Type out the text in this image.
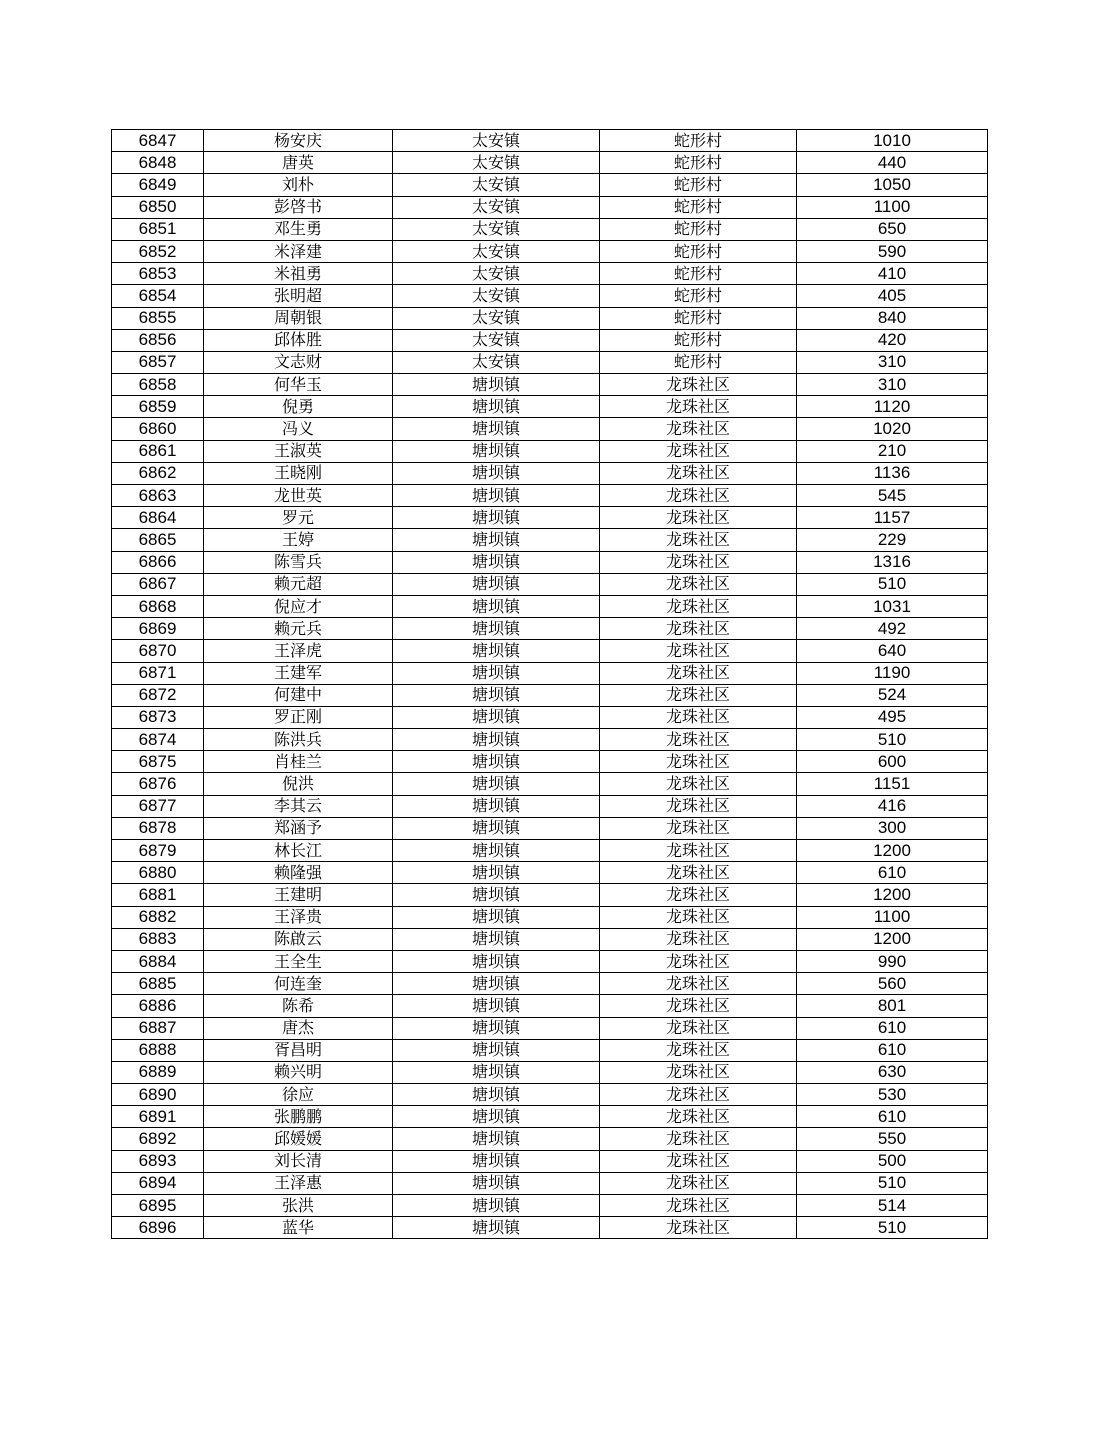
6847	杨安庆	太安镇	蛇形村	1010
6848	唐英	太安镇	蛇形村	440
6849	刘朴	太安镇	蛇形村	1050
6850	彭啓书	太安镇	蛇形村	1100
6851	邓生勇	太安镇	蛇形村	650
6852	米泽建	太安镇	蛇形村	590
6853	米祖勇	太安镇	蛇形村	410
6854	张明超	太安镇	蛇形村	405
6855	周朝银	太安镇	蛇形村	840
6856	邱体胜	太安镇	蛇形村	420
6857	文志财	太安镇	蛇形村	310
6858	何华玉	塘坝镇	龙珠社区	310
6859	倪勇	塘坝镇	龙珠社区	1120
6860	冯义	塘坝镇	龙珠社区	1020
6861	王淑英	塘坝镇	龙珠社区	210
6862	王晓刚	塘坝镇	龙珠社区	1136
6863	龙世英	塘坝镇	龙珠社区	545
6864	罗元	塘坝镇	龙珠社区	1157
6865	王婷	塘坝镇	龙珠社区	229
6866	陈雪兵	塘坝镇	龙珠社区	1316
6867	赖元超	塘坝镇	龙珠社区	510
6868	倪应才	塘坝镇	龙珠社区	1031
6869	赖元兵	塘坝镇	龙珠社区	492
6870	王泽虎	塘坝镇	龙珠社区	640
6871	王建军	塘坝镇	龙珠社区	1190
6872	何建中	塘坝镇	龙珠社区	524
6873	罗正刚	塘坝镇	龙珠社区	495
6874	陈洪兵	塘坝镇	龙珠社区	510
6875	肖桂兰	塘坝镇	龙珠社区	600
6876	倪洪	塘坝镇	龙珠社区	1151
6877	李其云	塘坝镇	龙珠社区	416
6878	郑涵予	塘坝镇	龙珠社区	300
6879	林长江	塘坝镇	龙珠社区	1200
6880	赖隆强	塘坝镇	龙珠社区	610
6881	王建明	塘坝镇	龙珠社区	1200
6882	王泽贵	塘坝镇	龙珠社区	1100
6883	陈啟云	塘坝镇	龙珠社区	1200
6884	王全生	塘坝镇	龙珠社区	990
6885	何连奎	塘坝镇	龙珠社区	560
6886	陈希	塘坝镇	龙珠社区	801
6887	唐杰	塘坝镇	龙珠社区	610
6888	胥昌明	塘坝镇	龙珠社区	610
6889	赖兴明	塘坝镇	龙珠社区	630
6890	徐应	塘坝镇	龙珠社区	530
6891	张鹏鹏	塘坝镇	龙珠社区	610
6892	邱媛媛	塘坝镇	龙珠社区	550
6893	刘长清	塘坝镇	龙珠社区	500
6894	王泽惠	塘坝镇	龙珠社区	510
6895	张洪	塘坝镇	龙珠社区	514
6896	蓝华	塘坝镇	龙珠社区	510
